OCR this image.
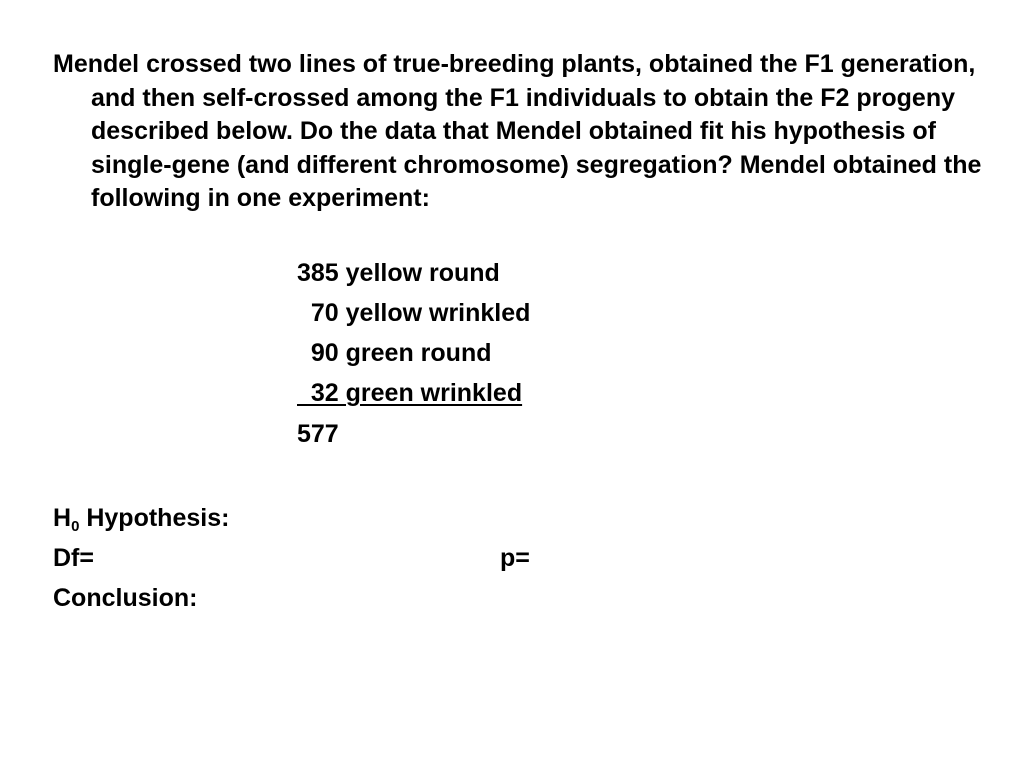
Mendel crossed two lines of true-breeding plants, obtained the F1 generation, and then self-crossed among the F1 individuals to obtain the F2 progeny described below. Do the data that Mendel obtained fit his hypothesis of single-gene (and different chromosome) segregation? Mendel obtained the following in one experiment:

385 yellow round

70 yellow wrinkled

90 green round

32 green wrinkled

577

$H_0$ Hypothesis:

Df=	p=

Conclusion:
